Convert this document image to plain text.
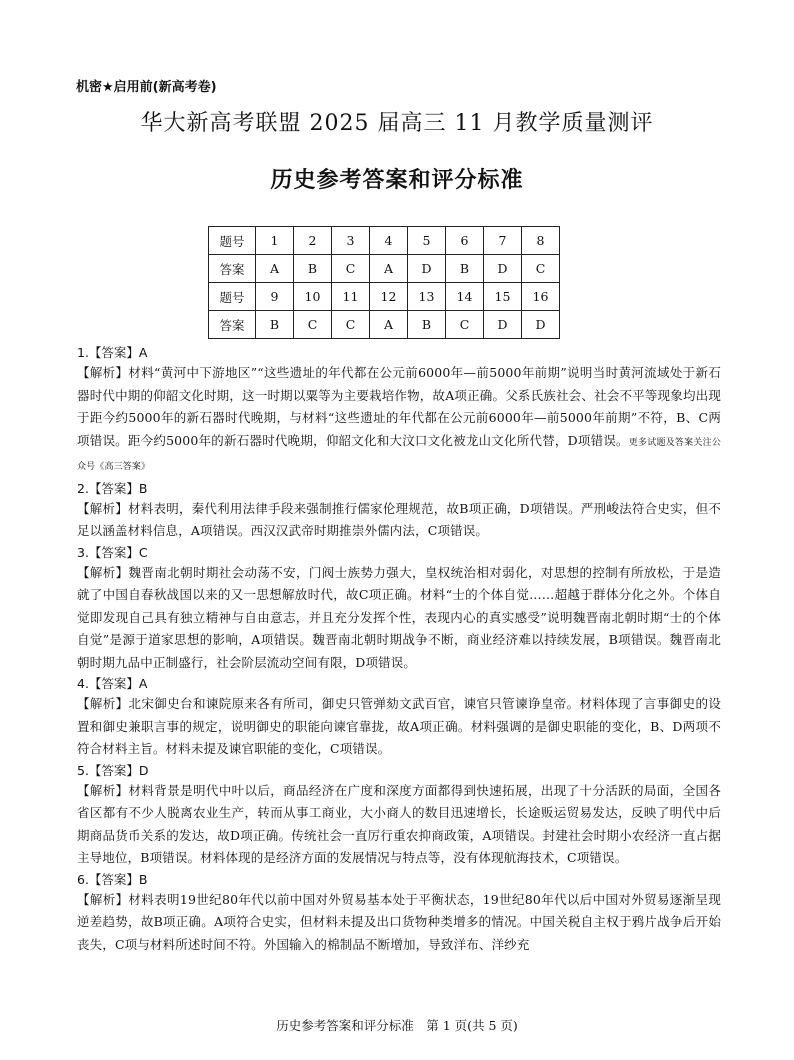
机密★启用前(新高考卷)
华大新高考联盟 2025 届高三 11 月教学质量测评
历史参考答案和评分标准
题号	1	2	3	4	5	6	7	8
答案	A	B	C	A	D	B	D	C
题号	9	10	11	12	13	14	15	16
答案	B	C	C	A	B	C	D	D
1.【答案】A
【解析】材料“黄河中下游地区”“这些遗址的年代都在公元前6000年—前5000年前期”说明当时黄河流域处于新石器时代中期的仰韶文化时期，这一时期以粟等为主要栽培作物，故A项正确。父系氏族社会、社会不平等现象均出现于距今约5000年的新石器时代晚期，与材料“这些遗址的年代都在公元前6000年—前5000年前期”不符，B、C两项错误。距今约5000年的新石器时代晚期，仰韶文化和大汶口文化被龙山文化所代替，D项错误。更多试题及答案关注公众号《高三答案》
2.【答案】B
【解析】材料表明，秦代利用法律手段来强制推行儒家伦理规范，故B项正确，D项错误。严刑峻法符合史实，但不足以涵盖材料信息，A项错误。西汉汉武帝时期推崇外儒内法，C项错误。
3.【答案】C
【解析】魏晋南北朝时期社会动荡不安，门阀士族势力强大，皇权统治相对弱化，对思想的控制有所放松，于是造就了中国自春秋战国以来的又一思想解放时代，故C项正确。材料“士的个体自觉……超越于群体分化之外。个体自觉即发现自己具有独立精神与自由意志，并且充分发挥个性，表现内心的真实感受”说明魏晋南北朝时期“士的个体自觉”是源于道家思想的影响，A项错误。魏晋南北朝时期战争不断，商业经济难以持续发展，B项错误。魏晋南北朝时期九品中正制盛行，社会阶层流动空间有限，D项错误。
4.【答案】A
【解析】北宋御史台和谏院原来各有所司，御史只管弹劾文武百官，谏官只管谏诤皇帝。材料体现了言事御史的设置和御史兼职言事的规定，说明御史的职能向谏官靠拢，故A项正确。材料强调的是御史职能的变化，B、D两项不符合材料主旨。材料未提及谏官职能的变化，C项错误。
5.【答案】D
【解析】材料背景是明代中叶以后，商品经济在广度和深度方面都得到快速拓展，出现了十分活跃的局面，全国各省区都有不少人脱离农业生产，转而从事工商业，大小商人的数目迅速增长，长途贩运贸易发达，反映了明代中后期商品货币关系的发达，故D项正确。传统社会一直厉行重农抑商政策，A项错误。封建社会时期小农经济一直占据主导地位，B项错误。材料体现的是经济方面的发展情况与特点等，没有体现航海技术，C项错误。
6.【答案】B
【解析】材料表明19世纪80年代以前中国对外贸易基本处于平衡状态，19世纪80年代以后中国对外贸易逐渐呈现逆差趋势，故B项正确。A项符合史实，但材料未提及出口货物种类增多的情况。中国关税自主权于鸦片战争后开始丧失，C项与材料所述时间不符。外国输入的棉制品不断增加，导致洋布、洋纱充
历史参考答案和评分标准　第 1 页(共 5 页)
